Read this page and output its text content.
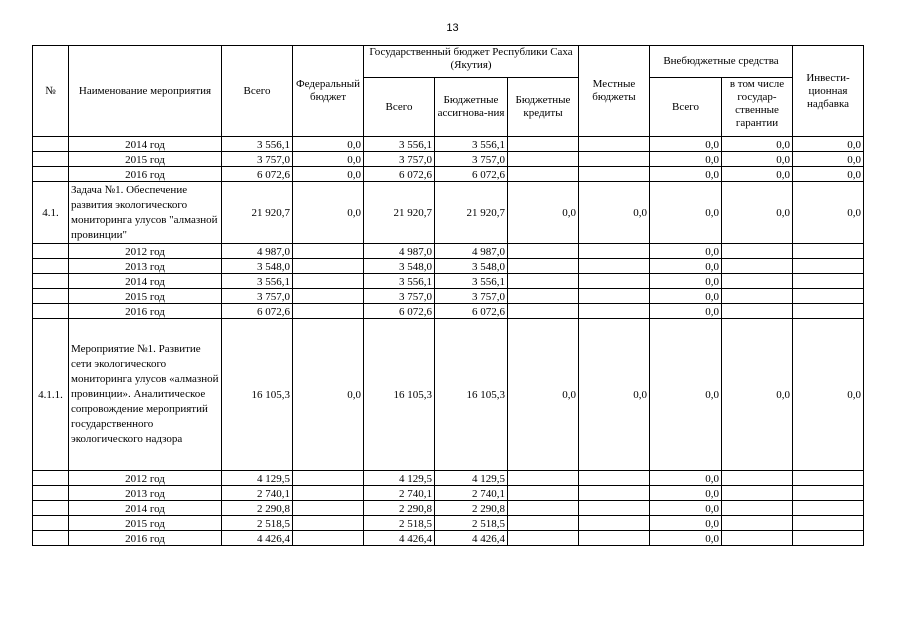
13
№	Наименование мероприятия	Всего	Федеральный бюджет	Государственный бюджет Республики Саха (Якутия)			Местные бюджеты	Внебюджетные средства		Инвести-ционная надбавка
				Всего	Бюджетные ассигнова-ния	Бюджетные кредиты		Всего	в том числе государ-ственные гарантии	
	2014 год	3 556,1	0,0	3 556,1	3 556,1			0,0	0,0	0,0
	2015 год	3 757,0	0,0	3 757,0	3 757,0			0,0	0,0	0,0
	2016 год	6 072,6	0,0	6 072,6	6 072,6			0,0	0,0	0,0
4.1.	Задача №1. Обеспечение развития экологического мониторинга улусов "алмазной провинции"	21 920,7	0,0	21 920,7	21 920,7	0,0	0,0	0,0	0,0	0,0
	2012 год	4 987,0		4 987,0	4 987,0			0,0		
	2013 год	3 548,0		3 548,0	3 548,0			0,0		
	2014 год	3 556,1		3 556,1	3 556,1			0,0		
	2015 год	3 757,0		3 757,0	3 757,0			0,0		
	2016 год	6 072,6		6 072,6	6 072,6			0,0		
4.1.1.	Мероприятие №1. Развитие сети экологического мониторинга улусов «алмазной провинции». Аналитическое сопровождение мероприятий государственного экологического надзора	16 105,3	0,0	16 105,3	16 105,3	0,0	0,0	0,0	0,0	0,0
	2012 год	4 129,5		4 129,5	4 129,5			0,0		
	2013 год	2 740,1		2 740,1	2 740,1			0,0		
	2014 год	2 290,8		2 290,8	2 290,8			0,0		
	2015 год	2 518,5		2 518,5	2 518,5			0,0		
	2016 год	4 426,4		4 426,4	4 426,4			0,0		
